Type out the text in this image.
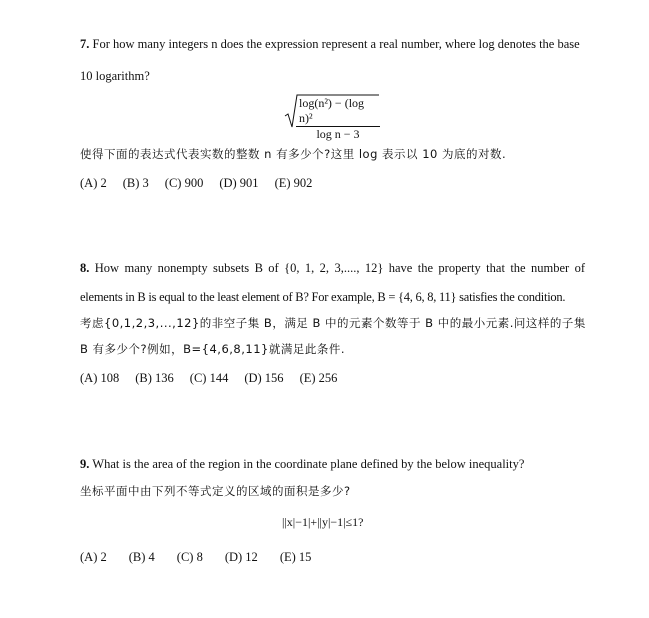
7. For how many integers n does the expression represent a real number, where log denotes the base
10 logarithm?
$\frac{\text{log(n²) − (log n)²}}{\text{log n − 3}}$
使得下面的表达式代表实数的整数 n 有多少个?这里 log 表示以 10 为底的对数.
(A) 2 (B) 3 (C) 900 (D) 901 (E) 902
8. How many nonempty subsets B of {0, 1, 2, 3,...., 12} have the property that the number of
elements in B is equal to the least element of B? For example, B = {4, 6, 8, 11} satisfies the condition.
考虑{0,1,2,3,...,12}的非空子集 B，满足 B 中的元素个数等于 B 中的最小元素.问这样的子集
B 有多少个?例如，B={4,6,8,11}就满足此条件.
(A) 108 (B) 136 (C) 144 (D) 156 (E) 256
9. What is the area of the region in the coordinate plane defined by the below inequality?
坐标平面中由下列不等式定义的区域的面积是多少?
||x|−1|+||y|−1|≤1?
(A) 2 (B) 4 (C) 8 (D) 12 (E) 15
